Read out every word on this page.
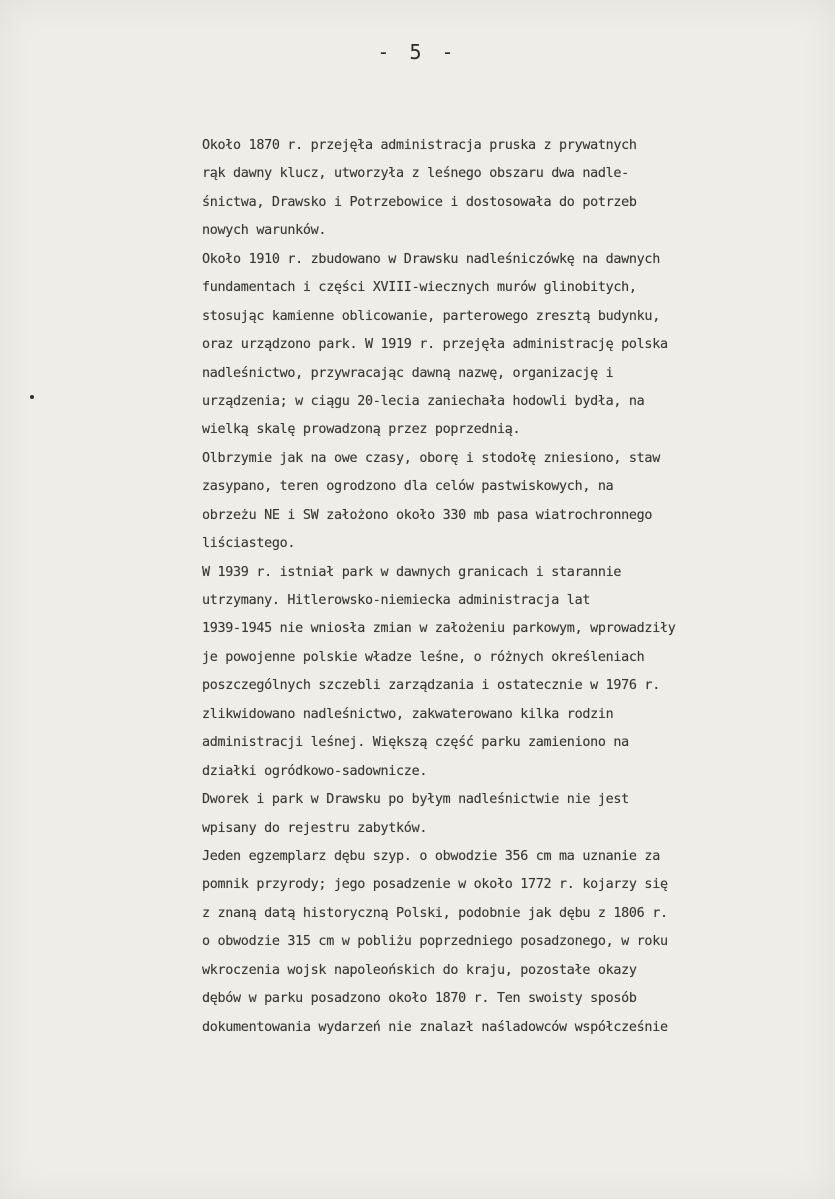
- 5 -
Około 1870 r. przejęła administracja pruska z prywatnych
rąk dawny klucz, utworzyła z leśnego obszaru dwa nadle-
śnictwa, Drawsko i Potrzebowice i dostosowała do potrzeb
nowych warunków.
Około 1910 r. zbudowano w Drawsku nadleśniczówkę na dawnych
fundamentach i części XVIII-wiecznych murów glinobitych,
stosując kamienne oblicowanie, parterowego zresztą budynku,
oraz urządzono park. W 1919 r. przejęła administrację polska
nadleśnictwo, przywracając dawną nazwę, organizację i
urządzenia; w ciągu 20-lecia zaniechała hodowli bydła, na
wielką skalę prowadzoną przez poprzednią.
Olbrzymie jak na owe czasy, oborę i stodołę zniesiono, staw
zasypano, teren ogrodzono dla celów pastwiskowych, na
obrzeżu NE i SW założono około 330 mb pasa wiatrochronnego
liściastego.
W 1939 r. istniał park w dawnych granicach i starannie
utrzymany. Hitlerowsko-niemiecka administracja lat
1939-1945 nie wniosła zmian w założeniu parkowym, wprowadziły
je powojenne polskie władze leśne, o różnych określeniach
poszczególnych szczebli zarządzania i ostatecznie w 1976 r.
zlikwidowano nadleśnictwo, zakwaterowano kilka rodzin
administracji leśnej. Większą część parku zamieniono na
działki ogródkowo-sadownicze.
Dworek i park w Drawsku po byłym nadleśnictwie nie jest
wpisany do rejestru zabytków.
Jeden egzemplarz dębu szyp. o obwodzie 356 cm ma uznanie za
pomnik przyrody; jego posadzenie w około 1772 r. kojarzy się
z znaną datą historyczną Polski, podobnie jak dębu z 1806 r.
o obwodzie 315 cm w pobliżu poprzedniego posadzonego, w roku
wkroczenia wojsk napoleońskich do kraju, pozostałe okazy
dębów w parku posadzono około 1870 r. Ten swoisty sposób
dokumentowania wydarzeń nie znalazł naśladowców współcześnie
